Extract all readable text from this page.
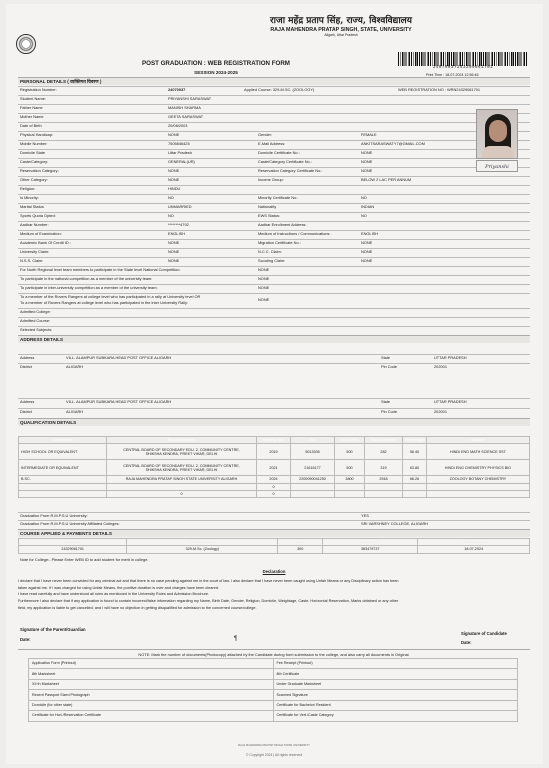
राजा महेंद्र प्रताप सिंह, राज्य, विश्वविद्यालय
RAJA MAHENDRA PRATAP SINGH, STATE, UNIVERSITY
Aligarh, Uttar Pradesh
24070037243299661701
POST GRADUATION : WEB REGISTRATION FORM
SESSION 2024-2025	Print Time : 18-07-2024 12:56:46
PERSONAL DETAILS ( व्यक्तिगत विवरण )
Registration Number:	24070037	Applied Course: 329-M.SC. (ZOOLOGY)	WEB REGISTRATION NO : WRN24329061701
Student Name:	PRIYANSHI SARASWAT
Father Name	MANISH SHARMA
Mother Name	GEETA SARASWAT
Date of Birth	20/08/2003
Physical Handicap:	NONE	Gender:	FEMALE
Mobile Number:	7505846425	E-Mail Address:	ANKITSARASWATY7@GMAIL.COM
Domicile State	Uttar Pradesh	Domicile Certificate No.:	NONE
Caste/Category:	GENERAL(UR)	Caste/Category Certificate No.:	NONE
Reservation Category:	NONE	Reservation Category Certificate No.:	NONE
Other Category:	NONE	Income Group:	BELOW 2 LAC PER ANNUM
Religion:	HINDU
Is Minority:	NO	Minority Certificate No.:	NO
Marital Status	UNMARRIED	Nationality	INDIAN
Sports Quota Opted:	NO	EWS Status:	NO
Aadhar Number:	********4792	Aadhar Enrollment Address:
Medium of Examination:	ENGLISH	Medium of Instructions / Communications:	ENGLISH
Academic Bank Of Credit ID.:	NONE	Migration Certificate No.:	NONE
University Claim:	NONE	N.C.C. Claim:	NONE
N.S.S. Claim:	NONE	Scouting Claim:	NONE
For North Regional level team members to participate in the State level National Competition:	NONE
To participate in the national competition as a member of the university team:	NONE
To participate in inter-university competition as a member of the university team:	NONE
To a member of the Rovers Rangers at college level who has participated in a rally at University level OR
To a member of Rovers Rangers at college level who has participated in the inter University Rally:
NONE
Admitted College:
Admitted Course:
Selected Subjects:
Priyanshi
ADDRESS DETAILS
Address	VILL- ALAMPUR SUBKARA HEAD POST OFFICE ALIGARH	State	UTTAR PRADESH
District	ALIGARH	Pin Code	202001
Address	VILL- ALAMPUR SUBKARA HEAD POST OFFICE ALIGARH	State	UTTAR PRADESH
District	ALIGARH	Pin Code	202001
QUALIFICATION DETAILS
Examination	Board/University	Passing Year	Roll	Max Marks	Marks Obtained	Percentage	Subjects
HIGH SCHOOL OR EQUIVALENT	CENTRAL BOARD OF SECONDARY EDU. 2, COMMUNITY CENTRE,
SHIKSHA KENDRA, PREET VIHAR, DELHI	2019	5013305	500	282	56.40	HINDI ENG MATH SCIENCE SST
INTERMEDIATE OR EQUIVALENT	CENTRAL BOARD OF SECONDARY EDU. 2, COMMUNITY CENTRE,
SHIKSHA KENDRA, PREET VIHAR, DELHI	2021	21616177	500	319	63.80	HINDI ENG CHEMISTRY PHYSICS BIO
B.SC.	RAJA MAHENDRA PRATAP SINGH STATE UNIVERSITY ALIGARH	2024	2200090041250	3800	2518	66.26	ZOOLOGY BOTANY CHEMISTRY
		0					
	0	0					
Graduation From R.M.P.S.U University:	YES
Graduation From R.M.P.S.U University Affiliated Colleges:	SRI VARSHNEY COLLEGE, ALIGARH
COURSE APPLIED & PAYMENTS DETAILS
Web ID	Applied Course	Fee	Payment ID	Payment Date
24329061701	329-M.Sc. (Zoology)	300	383479737	18-07-2024
Note for College:- Please Enter WEB ID to add student for merit in college.
Declaration
I declare that I have never been convicted for any criminal act and that there is no case pending against me in the court of law. I also declare that I have never been caught using Unfair Means or any Disciplinary action has been
taken against me. If I was charged for using Unfair Means, the punitive duration is over and charges have been cleared.
I have read carefully and have understood all rules as mentioned in the University Rules and Admission Brochure.
Furthermore I also declare that if any application is found to contain incorrect/false information regarding my Name, Birth Date, Gender, Religion, Domicile, Weightage, Caste, Horizontal Reservation, Marks obtained or any other
field, my application is liable to get cancelled, and I will have no objection in getting disqualified for admission to the concerned course/college.
Signature of the Parent/Guardian
Date:	¶
Signature of Candidate
Date:
NOTE: Mark the number of documents(Photocopy) attached by the Candidate during form submission to the college, and also carry all documents in Original.
Application Form (Printout)	Fee Receipt (Printout)
8th Marksheet	8th Certificate
XII th Marksheet	Under Graduate Marksheet
Recent Passport Sized Photograph	Scanned Signature
Domicile (for other state)	Certificate for Bachelor/ Resident
Certificate for Hori./Reservation Certificate	Certificate for Vert./Caste Category
RAJA MAHENDRA PRATAP SINGH STATE UNIVERSITY
© Copyright 2024 | All rights reserved
